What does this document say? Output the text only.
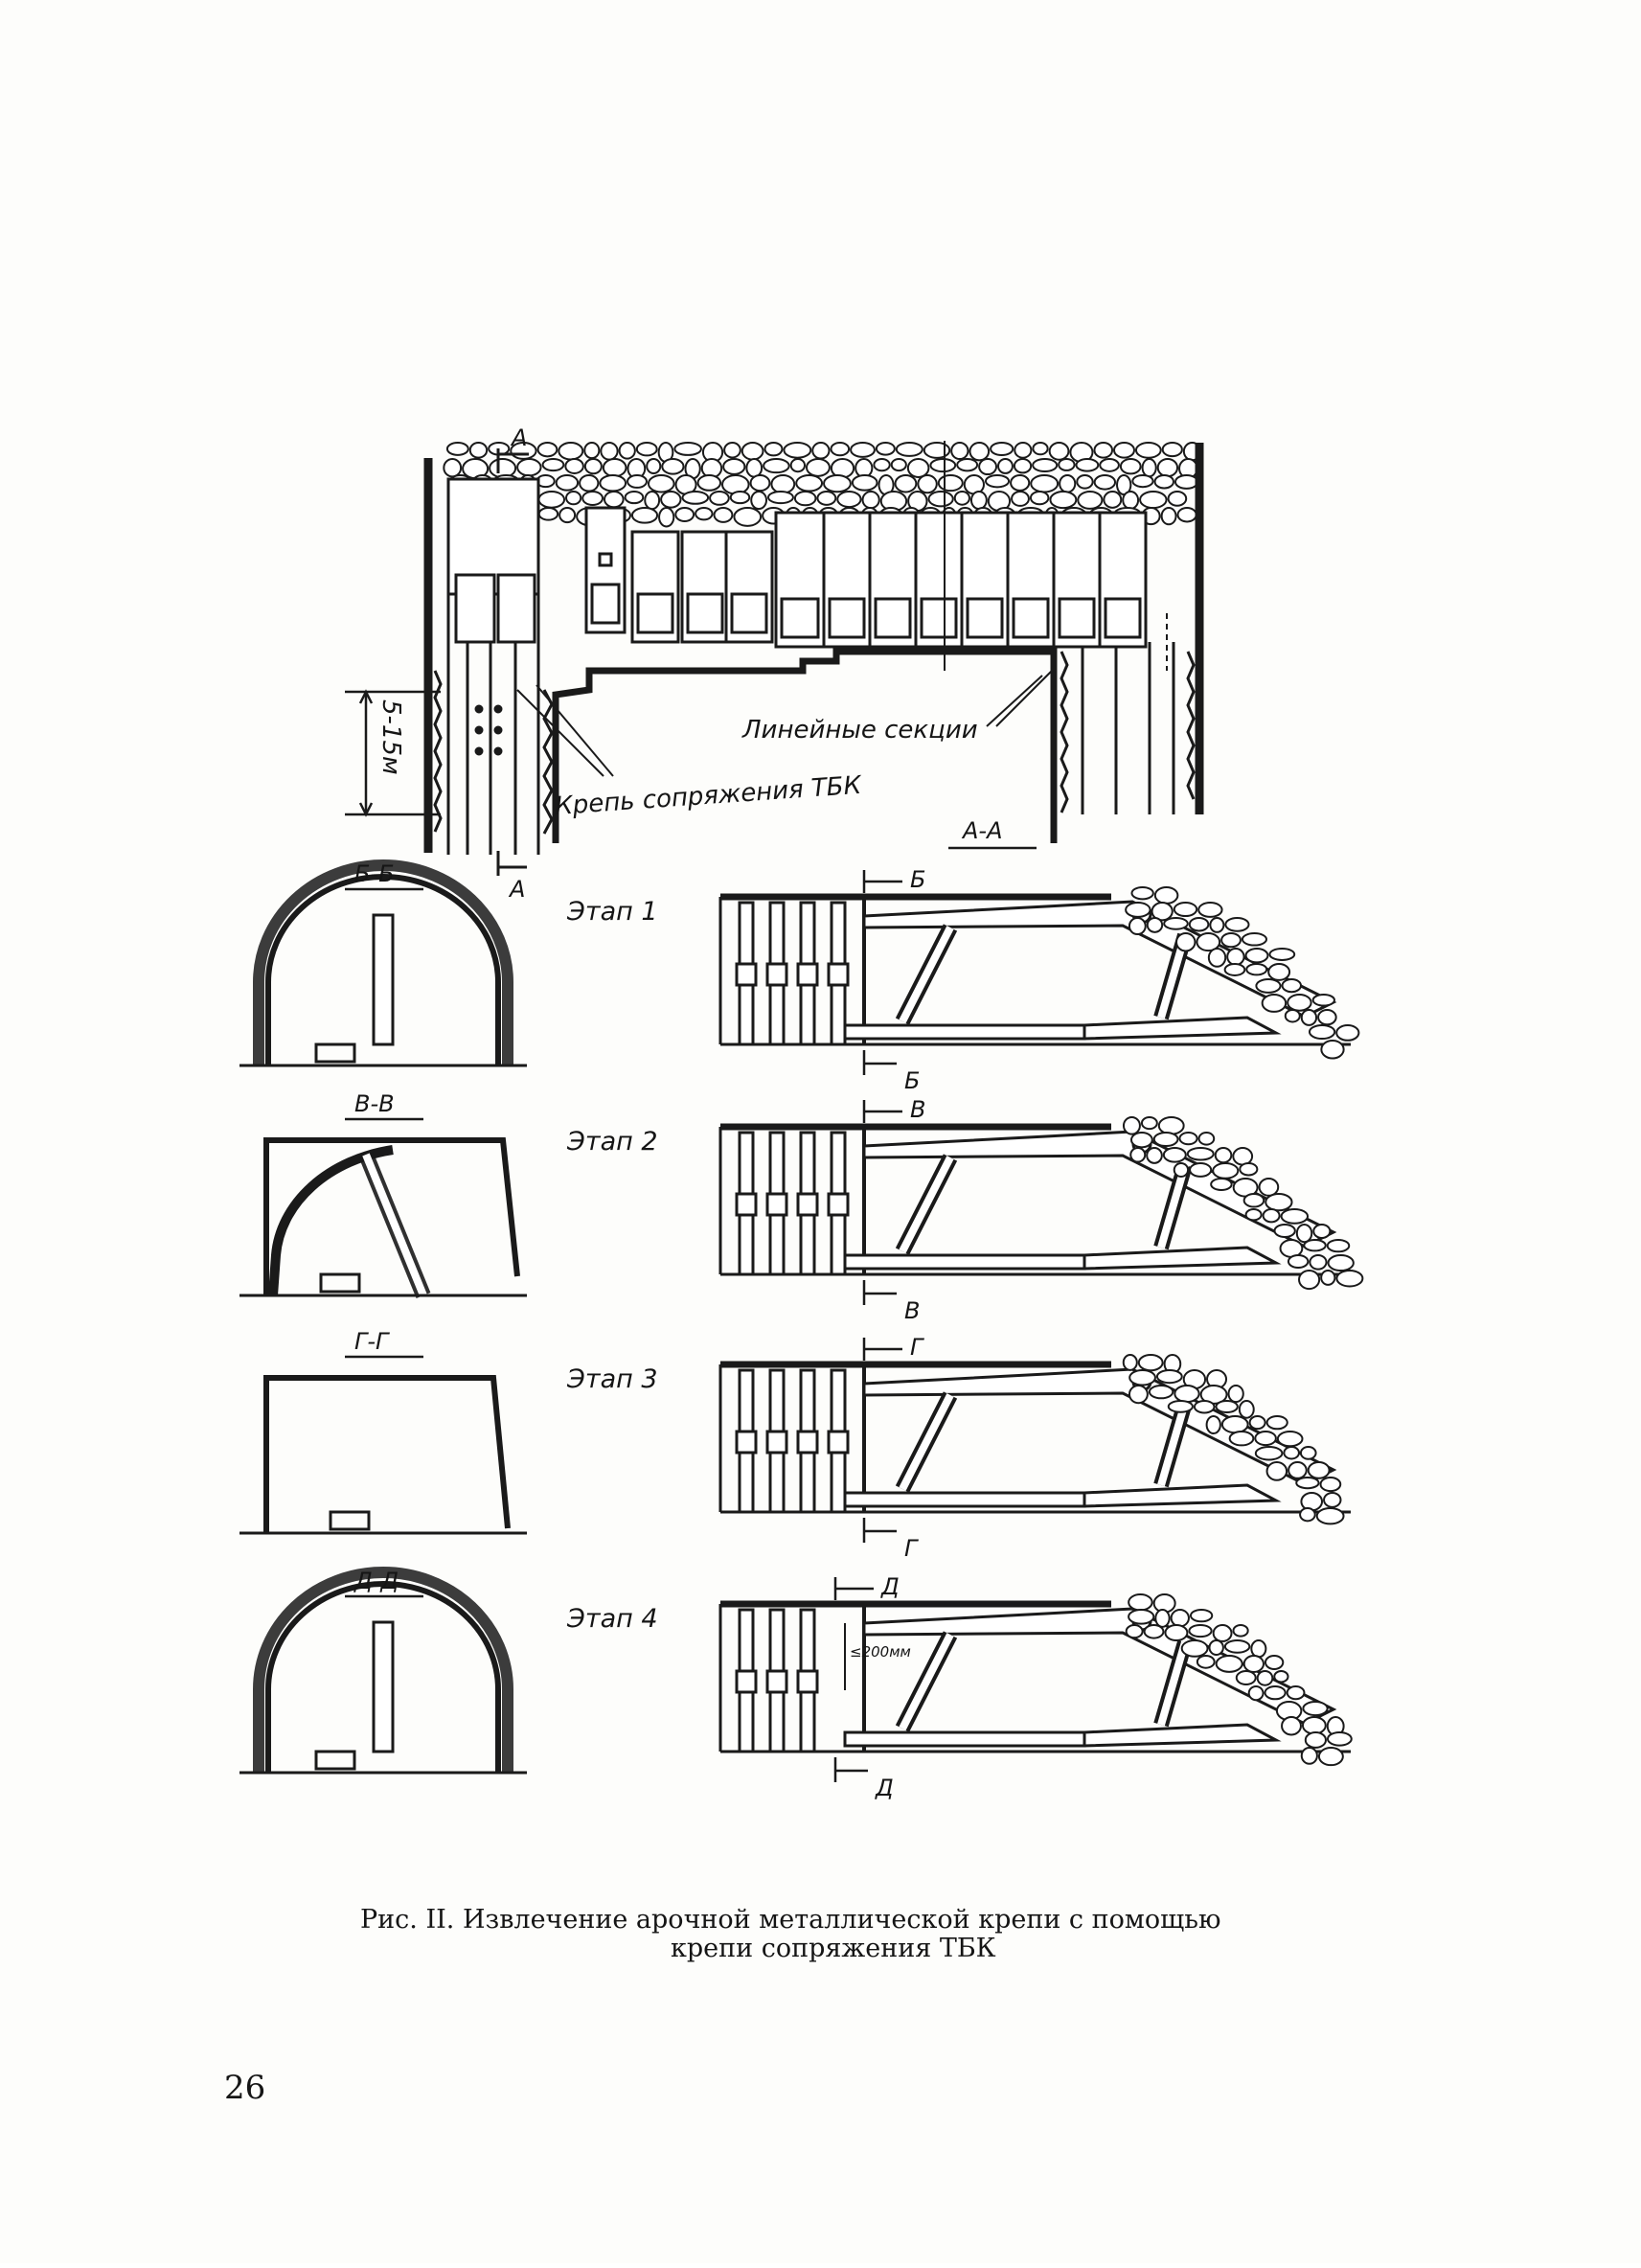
А
А
5-15м	Линейные секции
Крепь сопряжения ТБК
А-А
Б-Б
Этап 1
Б
Б
В-В
Этап 2
В
В
Г-Г
Этап 3
Г
Г
Д-Д
Этап 4
Д
Д
≤200мм
Рис. II. Извлечение арочной металлической крепи с помощью
крепи сопряжения ТБК
26
